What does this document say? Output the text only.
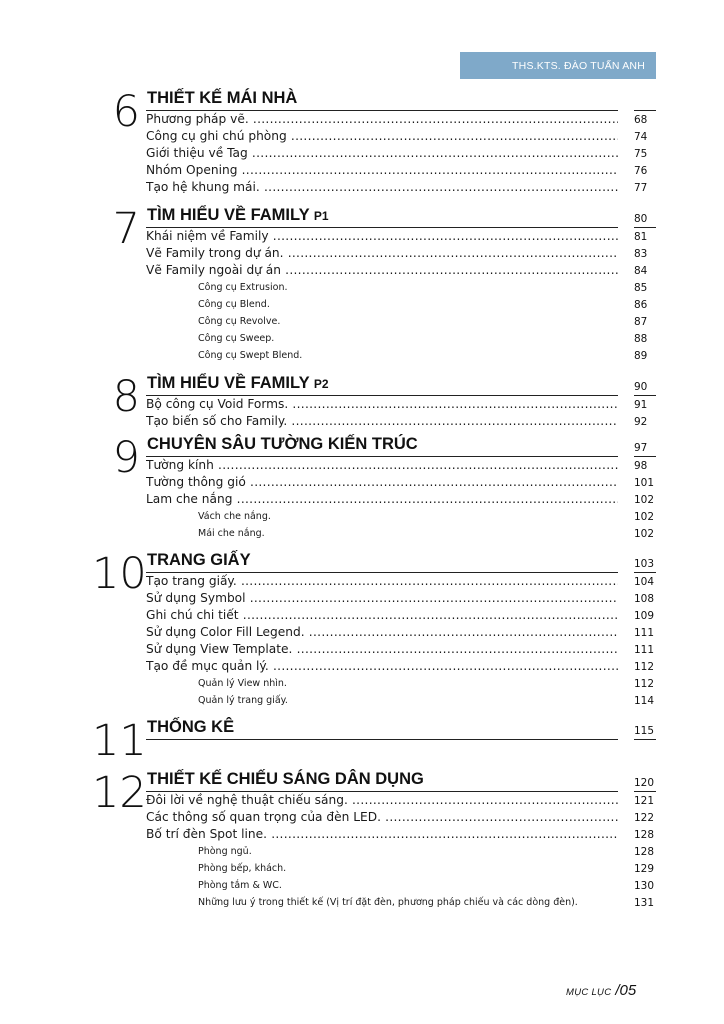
THS.KTS. ĐÀO TUẤN ANH
6 THIẾT KẾ MÁI NHÀ
Phương pháp vẽ. .....	68
Công cụ ghi chú phòng .....	74
Giới thiệu về Tag .....	75
Nhóm Opening .....	76
Tạo hệ khung mái. .....	77
7 TÌM HIỂU VỀ FAMILY P1	80
Khái niệm về Family .....	81
Vẽ Family trong dự án. .....	83
Vẽ Family ngoài dự án .....	84
Công cụ Extrusion.	85
Công cụ Blend.	86
Công cụ Revolve.	87
Công cụ Sweep.	88
Công cụ Swept Blend.	89
8 TÌM HIỂU VỀ FAMILY P2	90
Bộ công cụ Void Forms. .....	91
Tạo biến số cho Family. .....	92
9 CHUYÊN SÂU TƯỜNG KIẾN TRÚC	97
Tường kính .....	98
Tường thông gió .....	101
Lam che nắng .....	102
Vách che nắng.	102
Mái che nắng.	102
10 TRANG GIẤY	103
Tạo trang giấy. .....	104
Sử dụng Symbol .....	108
Ghi chú chi tiết .....	109
Sử dụng Color Fill Legend. .....	111
Sử dụng View Template. .....	111
Tạo đề mục quản lý. .....	112
Quản lý View nhìn.	112
Quản lý trang giấy.	114
11 THỐNG KÊ	115
12 THIẾT KẾ CHIẾU SÁNG DÂN DỤNG	120
Đôi lời về nghệ thuật chiếu sáng. .....	121
Các thông số quan trọng của đèn LED. .....	122
Bố trí đèn Spot line. .....	128
Phòng ngủ.	128
Phòng bếp, khách.	129
Phòng tắm & WC.	130
Những lưu ý trong thiết kế (Vị trí đặt đèn, phương pháp chiếu và các dòng đèn).	131
MỤC LỤC /05
